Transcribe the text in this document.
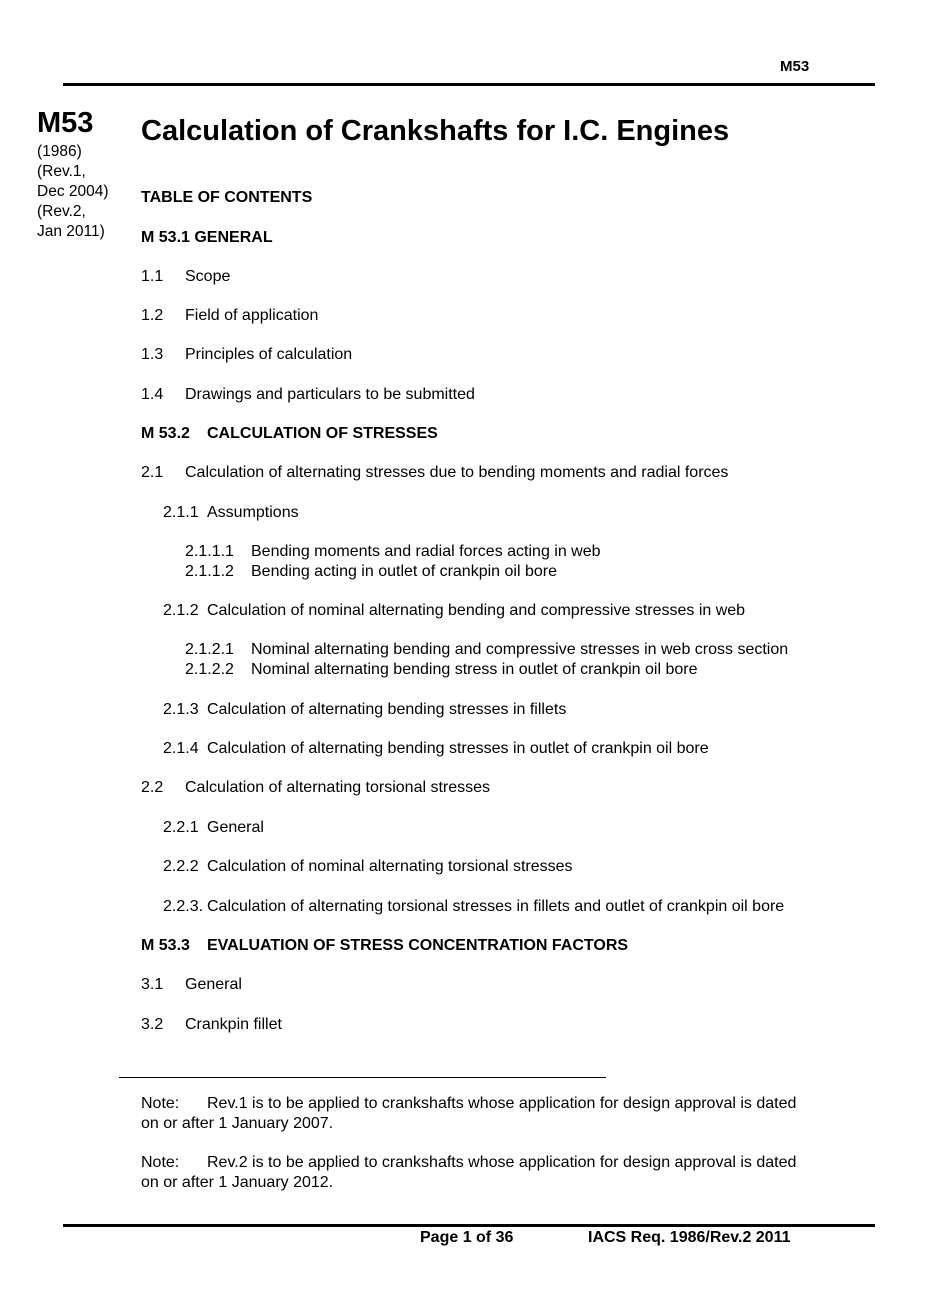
M53
M53
(1986)
(Rev.1,
Dec 2004)
(Rev.2,
Jan 2011)
Calculation of Crankshafts for I.C. Engines
TABLE OF CONTENTS
M 53.1 GENERAL
1.1 Scope
1.2 Field of application
1.3 Principles of calculation
1.4 Drawings and particulars to be submitted
M 53.2 CALCULATION OF STRESSES
2.1 Calculation of alternating stresses due to bending moments and radial forces
2.1.1 Assumptions
2.1.1.1 Bending moments and radial forces acting in web
2.1.1.2 Bending acting in outlet of crankpin oil bore
2.1.2 Calculation of nominal alternating bending and compressive stresses in web
2.1.2.1 Nominal alternating bending and compressive stresses in web cross section
2.1.2.2 Nominal alternating bending stress in outlet of crankpin oil bore
2.1.3 Calculation of alternating bending stresses in fillets
2.1.4 Calculation of alternating bending stresses in outlet of crankpin oil bore
2.2 Calculation of alternating torsional stresses
2.2.1 General
2.2.2 Calculation of nominal alternating torsional stresses
2.2.3. Calculation of alternating torsional stresses in fillets and outlet of crankpin oil bore
M 53.3 EVALUATION OF STRESS CONCENTRATION FACTORS
3.1 General
3.2 Crankpin fillet
Note: Rev.1 is to be applied to crankshafts whose application for design approval is dated
on or after 1 January 2007.
Note: Rev.2 is to be applied to crankshafts whose application for design approval is dated
on or after 1 January 2012.
Page 1 of 36	IACS Req. 1986/Rev.2 2011
